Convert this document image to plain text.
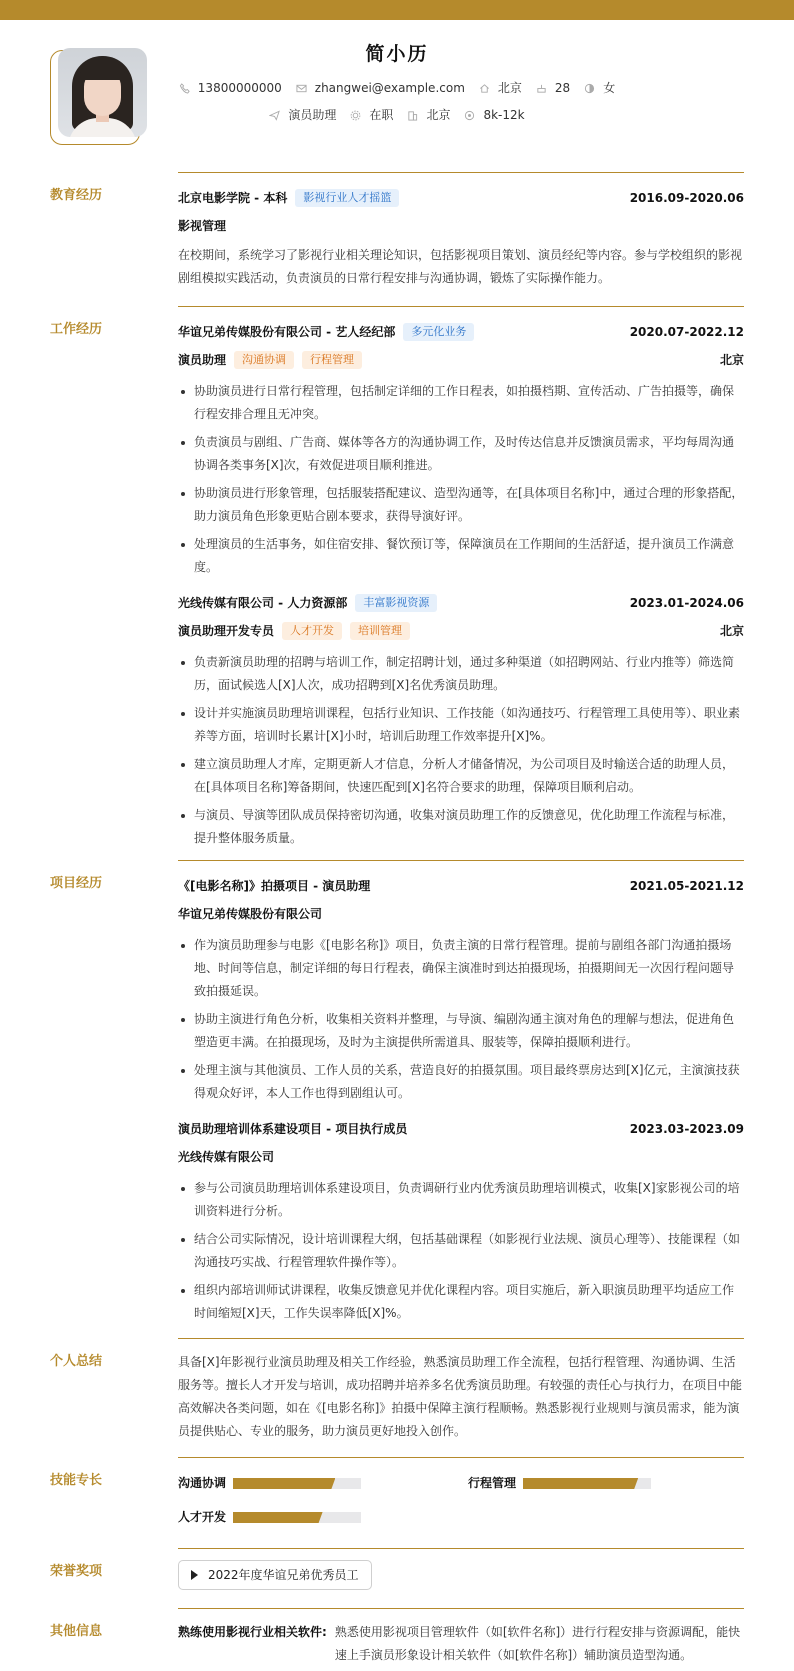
简小历
13800000000	zhangwei@example.com	北京	28	女
演员助理	在职	北京	8k-12k
教育经历	北京电影学院 - 本科	影视行业人才摇篮	2016.09-2020.06
影视管理
在校期间，系统学习了影视行业相关理论知识，包括影视项目策划、演员经纪等内容。参与学校组织的影视剧组模拟实践活动，负责演员的日常行程安排与沟通协调，锻炼了实际操作能力。
工作经历	华谊兄弟传媒股份有限公司 - 艺人经纪部	多元化业务	2020.07-2022.12
演员助理	沟通协调	行程管理	北京
协助演员进行日常行程管理，包括制定详细的工作日程表，如拍摄档期、宣传活动、广告拍摄等，确保行程安排合理且无冲突。
负责演员与剧组、广告商、媒体等各方的沟通协调工作，及时传达信息并反馈演员需求，平均每周沟通协调各类事务[X]次，有效促进项目顺利推进。
协助演员进行形象管理，包括服装搭配建议、造型沟通等，在[具体项目名称]中，通过合理的形象搭配，助力演员角色形象更贴合剧本要求，获得导演好评。
处理演员的生活事务，如住宿安排、餐饮预订等，保障演员在工作期间的生活舒适，提升演员工作满意度。
光线传媒有限公司 - 人力资源部	丰富影视资源	2023.01-2024.06
演员助理开发专员	人才开发	培训管理	北京
负责新演员助理的招聘与培训工作，制定招聘计划，通过多种渠道（如招聘网站、行业内推等）筛选简历，面试候选人[X]人次，成功招聘到[X]名优秀演员助理。
设计并实施演员助理培训课程，包括行业知识、工作技能（如沟通技巧、行程管理工具使用等）、职业素养等方面，培训时长累计[X]小时，培训后助理工作效率提升[X]%。
建立演员助理人才库，定期更新人才信息，分析人才储备情况，为公司项目及时输送合适的助理人员，在[具体项目名称]筹备期间，快速匹配到[X]名符合要求的助理，保障项目顺利启动。
与演员、导演等团队成员保持密切沟通，收集对演员助理工作的反馈意见，优化助理工作流程与标准，提升整体服务质量。
项目经历	《[电影名称]》拍摄项目 - 演员助理	2021.05-2021.12
华谊兄弟传媒股份有限公司
作为演员助理参与电影《[电影名称]》项目，负责主演的日常行程管理。提前与剧组各部门沟通拍摄场地、时间等信息，制定详细的每日行程表，确保主演准时到达拍摄现场，拍摄期间无一次因行程问题导致拍摄延误。
协助主演进行角色分析，收集相关资料并整理，与导演、编剧沟通主演对角色的理解与想法，促进角色塑造更丰满。在拍摄现场，及时为主演提供所需道具、服装等，保障拍摄顺利进行。
处理主演与其他演员、工作人员的关系，营造良好的拍摄氛围。项目最终票房达到[X]亿元，主演演技获得观众好评，本人工作也得到剧组认可。
演员助理培训体系建设项目 - 项目执行成员	2023.03-2023.09
光线传媒有限公司
参与公司演员助理培训体系建设项目，负责调研行业内优秀演员助理培训模式，收集[X]家影视公司的培训资料进行分析。
结合公司实际情况，设计培训课程大纲，包括基础课程（如影视行业法规、演员心理等）、技能课程（如沟通技巧实战、行程管理软件操作等）。
组织内部培训师试讲课程，收集反馈意见并优化课程内容。项目实施后，新入职演员助理平均适应工作时间缩短[X]天，工作失误率降低[X]%。
个人总结	具备[X]年影视行业演员助理及相关工作经验，熟悉演员助理工作全流程，包括行程管理、沟通协调、生活服务等。擅长人才开发与培训，成功招聘并培养多名优秀演员助理。有较强的责任心与执行力，在项目中能高效解决各类问题，如在《[电影名称]》拍摄中保障主演行程顺畅。熟悉影视行业规则与演员需求，能为演员提供贴心、专业的服务，助力演员更好地投入创作。
技能专长	沟通协调	行程管理
人才开发
荣誉奖项	2022年度华谊兄弟优秀员工
其他信息	熟练使用影视行业相关软件: 熟悉使用影视项目管理软件（如[软件名称]）进行行程安排与资源调配，能快速上手演员形象设计相关软件（如[软件名称]）辅助演员造型沟通。
